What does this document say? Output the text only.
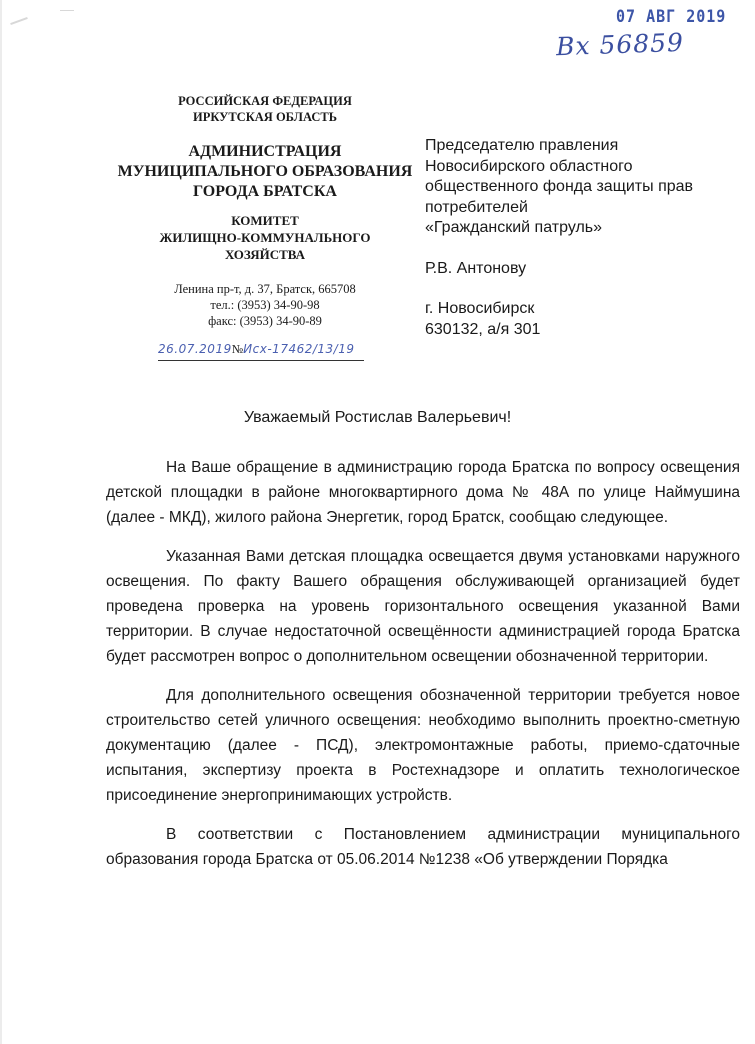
07 АВГ 2019
Вх 56859
РОССИЙСКАЯ ФЕДЕРАЦИЯ
ИРКУТСКАЯ ОБЛАСТЬ
АДМИНИСТРАЦИЯ
МУНИЦИПАЛЬНОГО ОБРАЗОВАНИЯ
ГОРОДА БРАТСКА
КОМИТЕТ
ЖИЛИЩНО-КОММУНАЛЬНОГО
ХОЗЯЙСТВА
Ленина пр-т, д. 37, Братск, 665708
тел.: (3953) 34-90-98
факс: (3953) 34-90-89
26.07.2019№Исх-17462/13/19
Председателю правления
Новосибирского областного
общественного фонда защиты прав
потребителей
«Гражданский патруль»
Р.В. Антонову
г. Новосибирск
630132, а/я 301
Уважаемый Ростислав Валерьевич!

На Ваше обращение в администрацию города Братска по вопросу освещения детской площадки в районе многоквартирного дома № 48А по улице Наймушина (далее - МКД), жилого района Энергетик, город Братск, сообщаю следующее.

Указанная Вами детская площадка освещается двумя установками наружного освещения. По факту Вашего обращения обслуживающей организацией будет проведена проверка на уровень горизонтального освещения указанной Вами территории. В случае недостаточной освещённости администрацией города Братска будет рассмотрен вопрос о дополнительном освещении обозначенной территории.

Для дополнительного освещения обозначенной территории требуется новое строительство сетей уличного освещения: необходимо выполнить проектно-сметную документацию (далее - ПСД), электромонтажные работы, приемо-сдаточные испытания, экспертизу проекта в Ростехнадзоре и оплатить технологическое присоединение энергопринимающих устройств.

В соответствии с Постановлением администрации муниципального образования города Братска от 05.06.2014 №1238 «Об утверждении Порядка
